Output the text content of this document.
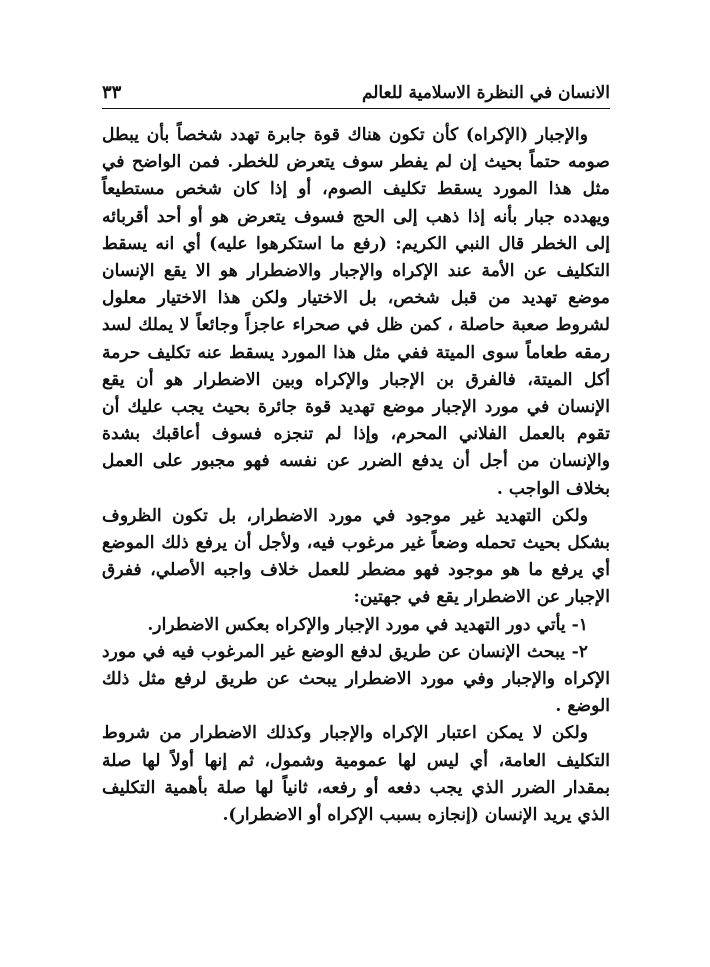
الانسان في النظرة الاسلامية للعالم
٣٣

والإجبار (الإكراه) كأن تكون هناك قوة جابرة تهدد شخصاً بأن يبطل صومه حتماً بحيث إن لم يفطر سوف يتعرض للخطر. فمن الواضح في مثل هذا المورد يسقط تكليف الصوم، أو إذا كان شخص مستطيعاً ويهدده جبار بأنه إذا ذهب إلى الحج فسوف يتعرض هو أو أحد أقربائه إلى الخطر قال النبي الكريم: (رفع ما استكرهوا عليه) أي انه يسقط التكليف عن الأمة عند الإكراه والإجبار والاضطرار هو الا يقع الإنسان موضع تهديد من قبل شخص، بل الاختيار ولكن هذا الاختيار معلول لشروط صعبة حاصلة ، كمن ظل في صحراء عاجزاً وجائعاً لا يملك لسد رمقه طعاماً سوى الميتة ففي مثل هذا المورد يسقط عنه تكليف حرمة أكل الميتة، فالفرق بن الإجبار والإكراه وبين الاضطرار هو أن يقع الإنسان في مورد الإجبار موضع تهديد قوة جائرة بحيث يجب عليك أن تقوم بالعمل الفلاني المحرم، وإذا لم تنجزه فسوف أعاقبك بشدة والإنسان من أجل أن يدفع الضرر عن نفسه فهو مجبور على العمل بخلاف الواجب .

ولكن التهديد غير موجود في مورد الاضطرار، بل تكون الظروف بشكل بحيث تحمله وضعاً غير مرغوب فيه، ولأجل أن يرفع ذلك الموضع أي يرفع ما هو موجود فهو مضطر للعمل خلاف واجبه الأصلي، ففرق الإجبار عن الاضطرار يقع في جهتين:

١- يأتي دور التهديد في مورد الإجبار والإكراه بعكس الاضطرار.

٢- يبحث الإنسان عن طريق لدفع الوضع غير المرغوب فيه في مورد الإكراه والإجبار وفي مورد الاضطرار يبحث عن طريق لرفع مثل ذلك الوضع .

ولكن لا يمكن اعتبار الإكراه والإجبار وكذلك الاضطرار من شروط التكليف العامة، أي ليس لها عمومية وشمول، ثم إنها أولاً لها صلة بمقدار الضرر الذي يجب دفعه أو رفعه، ثانياً لها صلة بأهمية التكليف الذي يريد الإنسان (إنجازه بسبب الإكراه أو الاضطرار).
